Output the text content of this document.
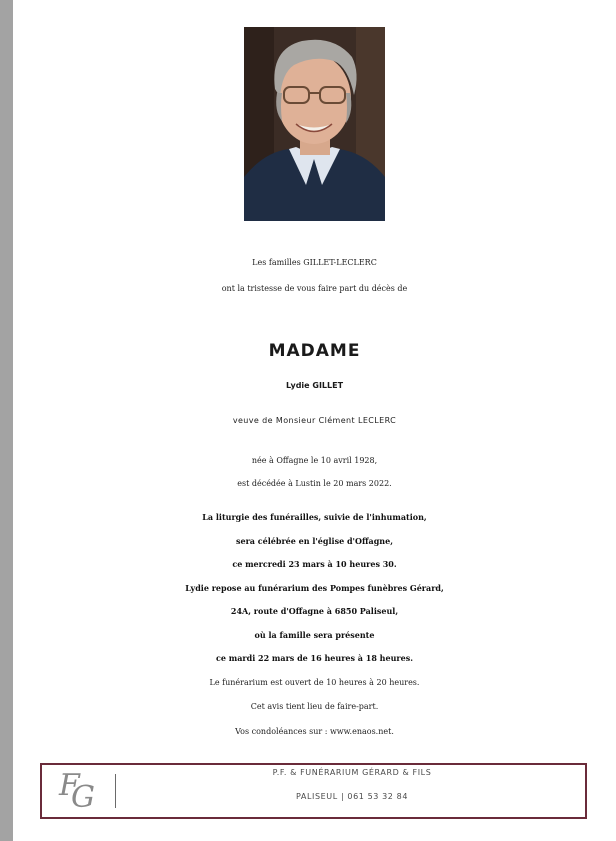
Les familles GILLET-LECLERC
ont la tristesse de vous faire part du décès de
MADAME
Lydie GILLET
veuve de Monsieur Clément LECLERC
née à Offagne le 10 avril 1928,
est décédée à Lustin le 20 mars 2022.
La liturgie des funérailles, suivie de l'inhumation,
sera célébrée en l'église d'Offagne,
ce mercredi 23 mars à 10 heures 30.
Lydie repose au funérarium des Pompes funèbres Gérard,
24A, route d'Offagne à 6850 Paliseul,
où la famille sera présente
ce mardi 22 mars de 16 heures à 18 heures.
Le funérarium est ouvert de 10 heures à 20 heures.
Cet avis tient lieu de faire-part.
Vos condoléances sur : www.enaos.net.
F
G
P.F. & FUNÉRARIUM GÉRARD & FILS
PALISEUL | 061 53 32 84
